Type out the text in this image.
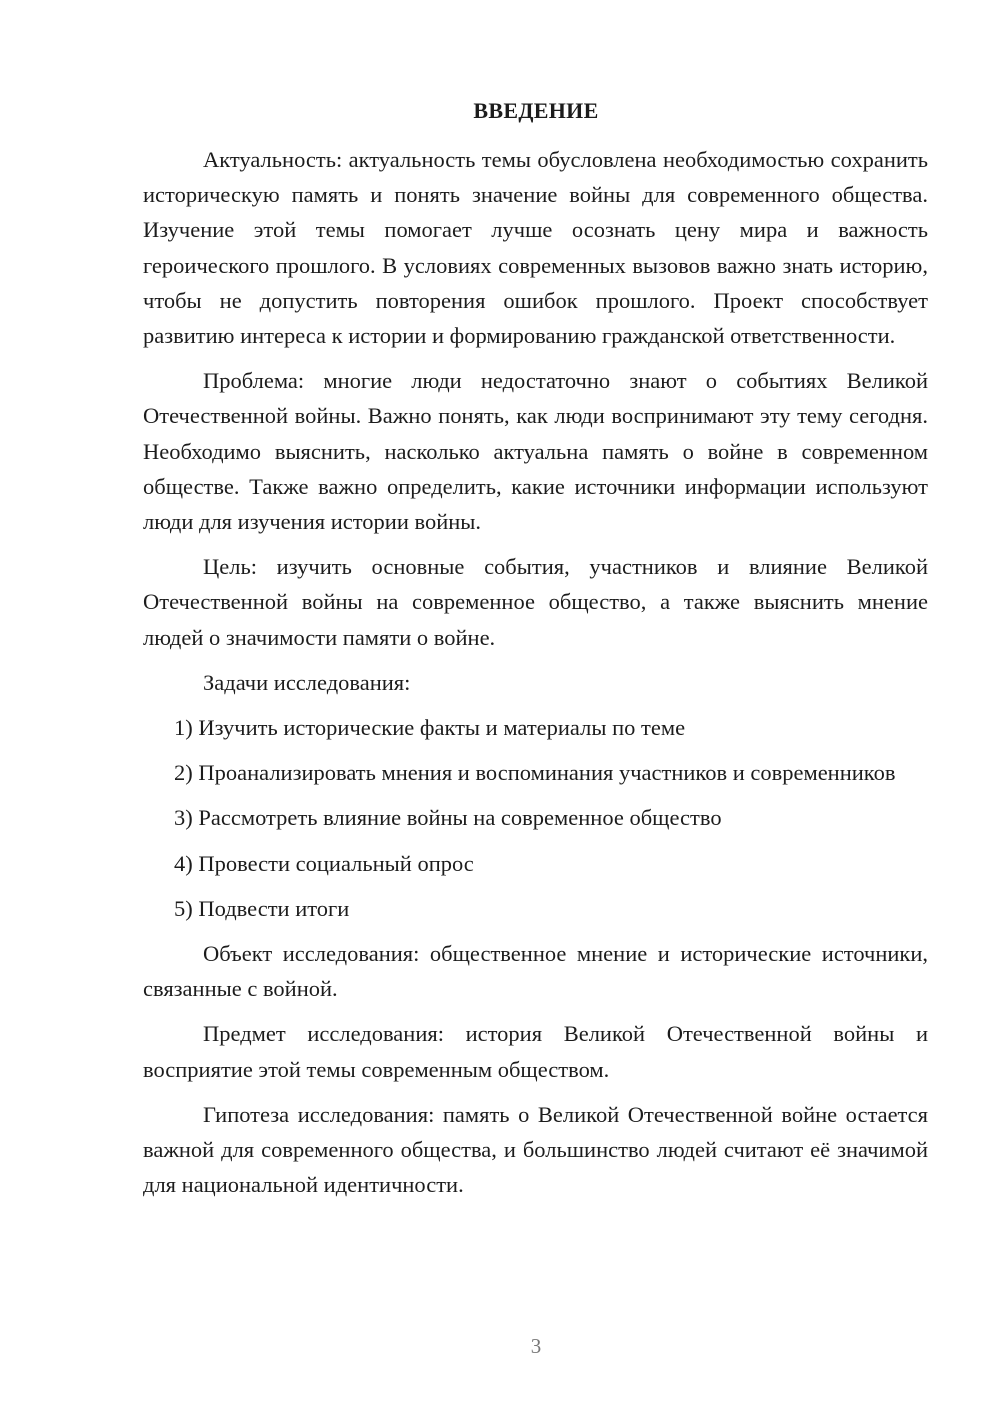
ВВЕДЕНИЕ

Актуальность: актуальность темы обусловлена необходимостью сохранить историческую память и понять значение войны для современного общества. Изучение этой темы помогает лучше осознать цену мира и важность героического прошлого. В условиях современных вызовов важно знать историю, чтобы не допустить повторения ошибок прошлого. Проект способствует развитию интереса к истории и формированию гражданской ответственности.

Проблема: многие люди недостаточно знают о событиях Великой Отечественной войны. Важно понять, как люди воспринимают эту тему сегодня. Необходимо выяснить, насколько актуальна память о войне в современном обществе. Также важно определить, какие источники информации используют люди для изучения истории войны.

Цель: изучить основные события, участников и влияние Великой Отечественной войны на современное общество, а также выяснить мнение людей о значимости памяти о войне.

Задачи исследования:

1) Изучить исторические факты и материалы по теме

2) Проанализировать мнения и воспоминания участников и современников

3) Рассмотреть влияние войны на современное общество

4) Провести социальный опрос

5) Подвести итоги

Объект исследования: общественное мнение и исторические источники, связанные с войной.

Предмет исследования: история Великой Отечественной войны и восприятие этой темы современным обществом.

Гипотеза исследования: память о Великой Отечественной войне остается важной для современного общества, и большинство людей считают её значимой для национальной идентичности.

3
